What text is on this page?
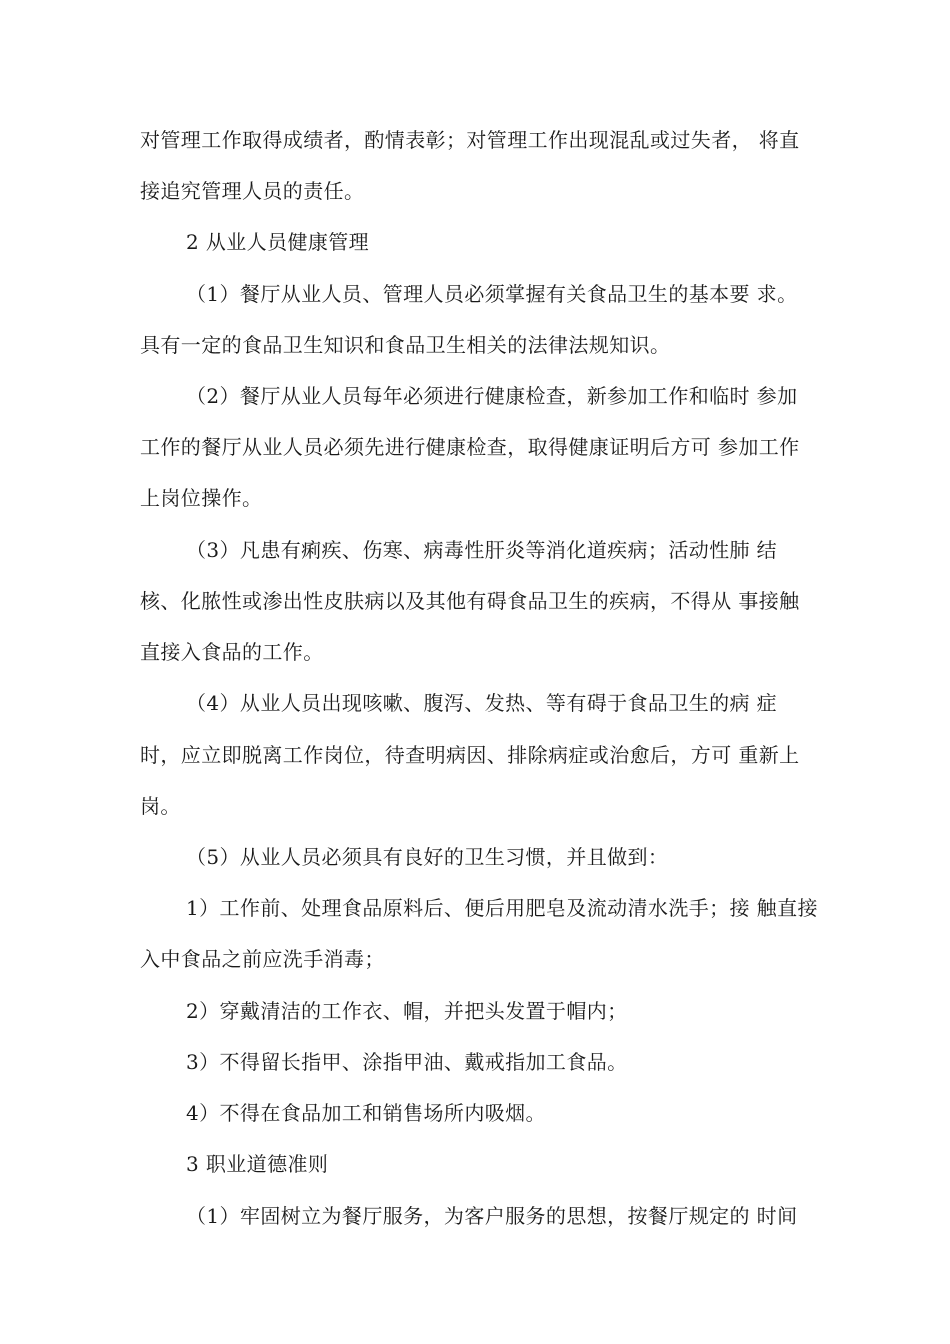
对管理工作取得成绩者，酌情表彰；对管理工作出现混乱或过失者， 将直
接追究管理人员的责任。
2 从业人员健康管理
（1）餐厅从业人员、管理人员必须掌握有关食品卫生的基本要 求。
具有一定的食品卫生知识和食品卫生相关的法律法规知识。
（2）餐厅从业人员每年必须进行健康检查，新参加工作和临时 参加
工作的餐厅从业人员必须先进行健康检查，取得健康证明后方可 参加工作
上岗位操作。
（3）凡患有痢疾、伤寒、病毒性肝炎等消化道疾病；活动性肺 结
核、化脓性或渗出性皮肤病以及其他有碍食品卫生的疾病，不得从 事接触
直接入食品的工作。
（4）从业人员出现咳嗽、腹泻、发热、等有碍于食品卫生的病 症
时，应立即脱离工作岗位，待查明病因、排除病症或治愈后，方可 重新上
岗。
（5）从业人员必须具有良好的卫生习惯，并且做到：
1）工作前、处理食品原料后、便后用肥皂及流动清水洗手；接 触直接
入中食品之前应洗手消毒；
2）穿戴清洁的工作衣、帽，并把头发置于帽内；
3）不得留长指甲、涂指甲油、戴戒指加工食品。
4）不得在食品加工和销售场所内吸烟。
3 职业道德准则
（1）牢固树立为餐厅服务，为客户服务的思想，按餐厅规定的 时间
